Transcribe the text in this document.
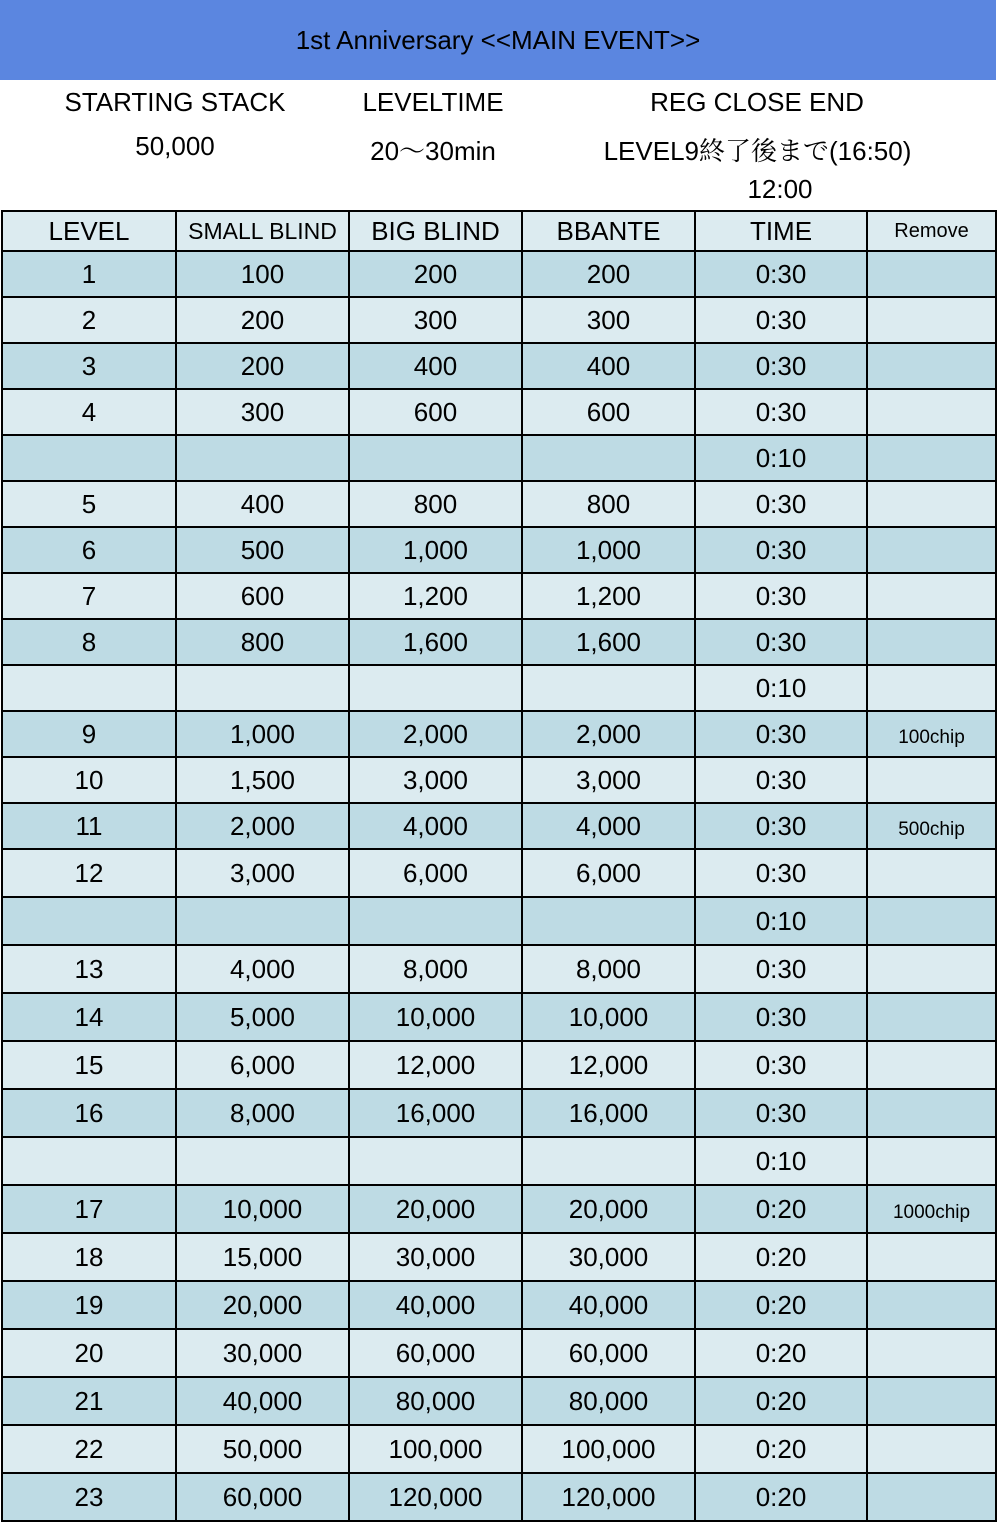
1st Anniversary <<MAIN EVENT>>
STARTING STACK
50,000
LEVELTIME
20～30min
REG CLOSE END
LEVEL9終了後まで(16:50)
12:00
LEVEL	SMALL BLIND	BIG BLIND	BBANTE	TIME	Remove
1	100	200	200	0:30	
2	200	300	300	0:30	
3	200	400	400	0:30	
4	300	600	600	0:30	
				0:10	
5	400	800	800	0:30	
6	500	1,000	1,000	0:30	
7	600	1,200	1,200	0:30	
8	800	1,600	1,600	0:30	
				0:10	
9	1,000	2,000	2,000	0:30	100chip
10	1,500	3,000	3,000	0:30	
11	2,000	4,000	4,000	0:30	500chip
12	3,000	6,000	6,000	0:30	
				0:10	
13	4,000	8,000	8,000	0:30	
14	5,000	10,000	10,000	0:30	
15	6,000	12,000	12,000	0:30	
16	8,000	16,000	16,000	0:30	
				0:10	
17	10,000	20,000	20,000	0:20	1000chip
18	15,000	30,000	30,000	0:20	
19	20,000	40,000	40,000	0:20	
20	30,000	60,000	60,000	0:20	
21	40,000	80,000	80,000	0:20	
22	50,000	100,000	100,000	0:20	
23	60,000	120,000	120,000	0:20	
